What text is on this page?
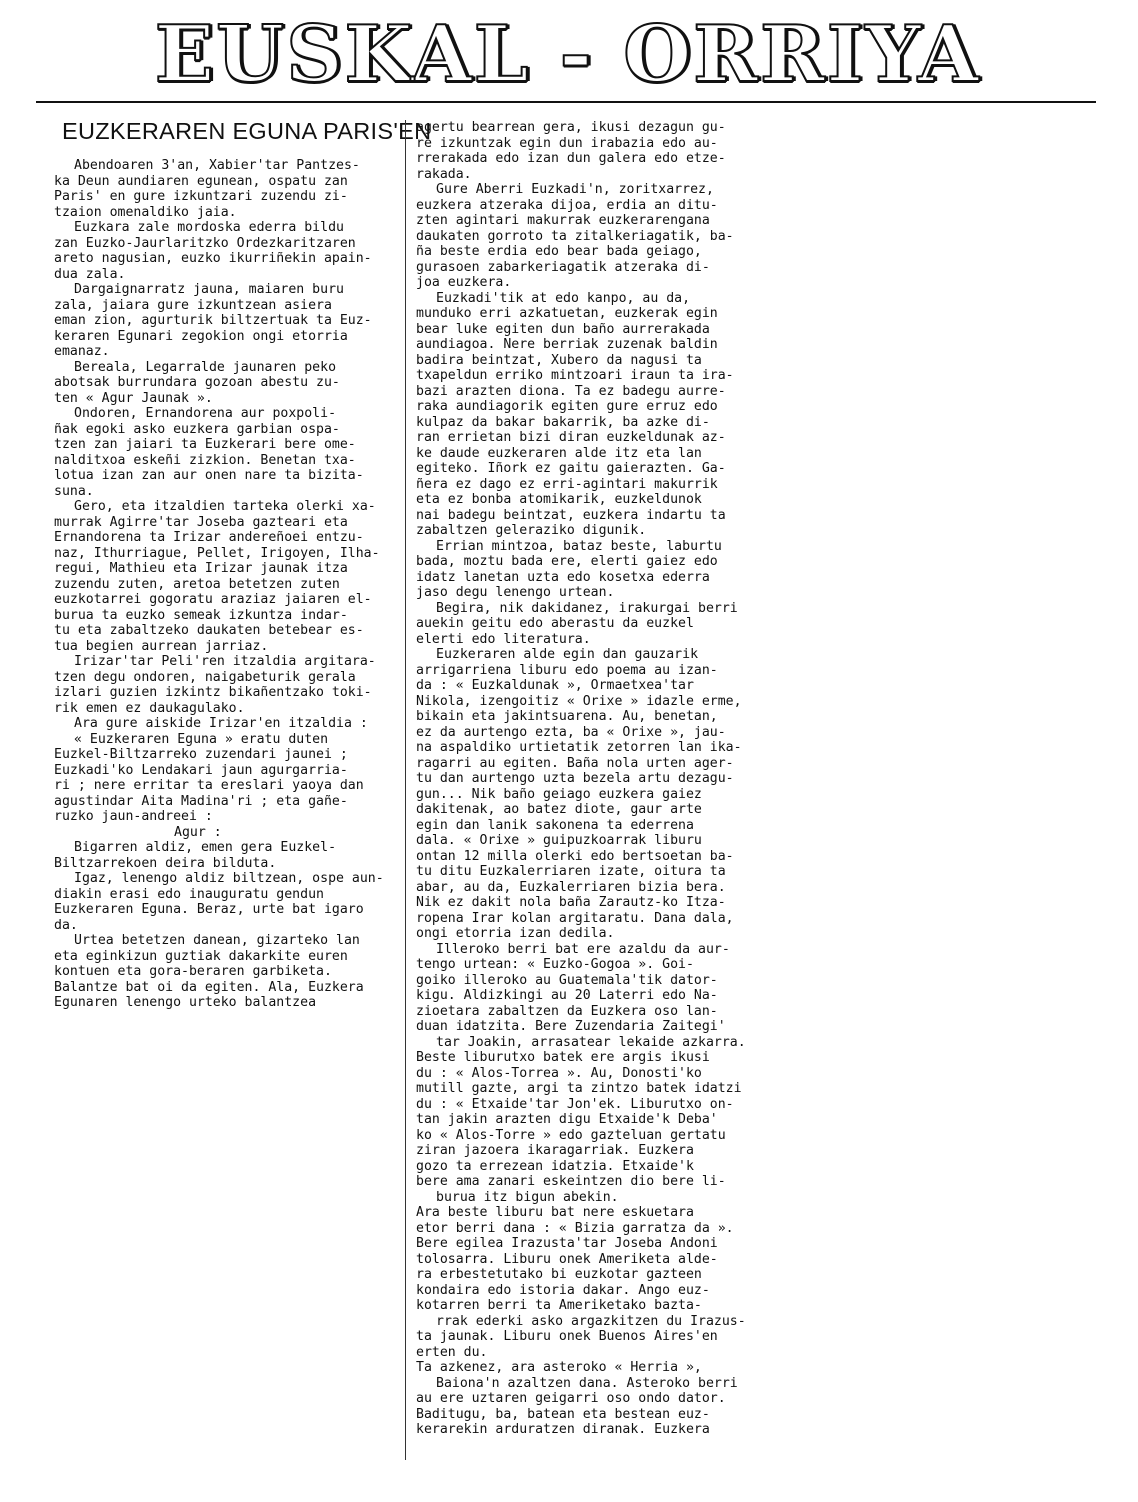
EUSKAL - ORRIYA
EUZKERAREN EGUNA PARIS'EN
Abendoaren 3'an, Xabier'tar Pantzes-
ka Deun aundiaren egunean, ospatu zan
Paris' en gure izkuntzari zuzendu zi-
tzaion omenaldiko jaia.
Euzkara zale mordoska ederra bildu
zan Euzko-Jaurlaritzko Ordezkaritzaren
areto nagusian, euzko ikurriñekin apain-
dua zala.
Dargaignarratz jauna, maiaren buru
zala, jaiara gure izkuntzean asiera
eman zion, agurturik biltzertuak ta Euz-
keraren Egunari zegokion ongi etorria
emanaz.
Bereala, Legarralde jaunaren peko
abotsak burrundara gozoan abestu zu-
ten « Agur Jaunak ».
Ondoren, Ernandorena aur poxpoli-
ñak egoki asko euzkera garbian ospa-
tzen zan jaiari ta Euzkerari bere ome-
nalditxoa eskeñi zizkion. Benetan txa-
lotua izan zan aur onen nare ta bizita-
suna.
Gero, eta itzaldien tarteka olerki xa-
murrak Agirre'tar Joseba gazteari eta
Ernandorena ta Irizar andereñoei entzu-
naz, Ithurriague, Pellet, Irigoyen, Ilha-
regui, Mathieu eta Irizar jaunak itza
zuzendu zuten, aretoa betetzen zuten
euzkotarrei gogoratu araziaz jaiaren el-
burua ta euzko semeak izkuntza indar-
tu eta zabaltzeko daukaten betebear es-
tua begien aurrean jarriaz.
Irizar'tar Peli'ren itzaldia argitara-
tzen degu ondoren, naigabeturik gerala
izlari guzien izkintz bikañentzako toki-
rik emen ez daukagulako.
Ara gure aiskide Irizar'en itzaldia :
« Euzkeraren Eguna » eratu duten
Euzkel-Biltzarreko zuzendari jaunei ;
Euzkadi'ko Lendakari jaun agurgarria-
ri ; nere erritar ta ereslari yaoya dan
agustindar Aita Madina'ri ; eta gañe-
ruzko jaun-andreei :
Agur :
Bigarren aldiz, emen gera Euzkel-
Biltzarrekoen deira bilduta.
Igaz, lenengo aldiz biltzean, ospe aun-
diakin erasi edo inauguratu gendun
Euzkeraren Eguna. Beraz, urte bat igaro
da.
Urtea betetzen danean, gizarteko lan
eta eginkizun guztiak dakarkite euren
kontuen eta gora-beraren garbiketa.
Balantze bat oi da egiten. Ala, Euzkera
Egunaren lenengo urteko balantzea
agertu bearrean gera, ikusi dezagun gu-
re izkuntzak egin dun irabazia edo au-
rrerakada edo izan dun galera edo etze-
rakada.
Gure Aberri Euzkadi'n, zoritxarrez,
euzkera atzeraka dijoa, erdia an ditu-
zten agintari makurrak euzkerarengana
daukaten gorroto ta zitalkeriagatik, ba-
ña beste erdia edo bear bada geiago,
gurasoen zabarkeriagatik atzeraka di-
joa euzkera.
Euzkadi'tik at edo kanpo, au da,
munduko erri azkatuetan, euzkerak egin
bear luke egiten dun baño aurrerakada
aundiagoa. Nere berriak zuzenak baldin
badira beintzat, Xubero da nagusi ta
txapeldun erriko mintzoari iraun ta ira-
bazi arazten diona. Ta ez badegu aurre-
raka aundiagorik egiten gure erruz edo
kulpaz da bakar bakarrik, ba azke di-
ran errietan bizi diran euzkeldunak az-
ke daude euzkeraren alde itz eta lan
egiteko. Iñork ez gaitu gaierazten. Ga-
ñera ez dago ez erri-agintari makurrik
eta ez bonba atomikarik, euzkeldunok
nai badegu beintzat, euzkera indartu ta
zabaltzen gelerazikо digunik.
Errian mintzoa, bataz beste, laburtu
bada, moztu bada ere, elerti gaiez edo
idatz lanetan uzta edo kosetxa ederra
jaso degu lenengo urtean.
Begira, nik dakidanez, irakurgai berri
auekin geitu edo aberastu da euzkel
elerti edo literatura.
Euzkeraren alde egin dan gauzarik
arrigarriena liburu edo poema au izan-
da : « Euzkaldunak », Ormaetxea'tar
Nikola, izengoitiz « Orixe » idazle erme,
bikain eta jakintsuarena. Au, benetan,
ez da aurtengo ezta, ba « Orixe », jau-
na aspaldiko urtietatik zetorren lan ika-
ragarri au egiten. Baña nola urten ager-
tu dan aurtengo uzta bezela artu dezagu-
gun... Nik baño geiago euzkera gaiez
dakitenak, ao batez diote, gaur arte
egin dan lanik sakonena ta ederrena
dala. « Orixe » guipuzkoarrak liburu
ontan 12 milla olerki edo bertsoetan ba-
tu ditu Euzkalerriaren izate, oitura ta
abar, au da, Euzkalerriaren bizia bera.
Nik ez dakit nola baña Zarautz-ko Itza-
ropena Irar kolan argitaratu. Dana dala,
ongi etorria izan dedila.
Illeroko berri bat ere azaldu da aur-
tengo urtean: « Euzko-Gogoa ». Goi-
goiko illeroko au Guatemala'tik dator-
kigu. Aldizkingi au 20 Laterri edo Na-
zioetara zabaltzen da Euzkera oso lan-
duan idatzita. Bere Zuzendaria Zaitegi'
tar Joakin, arrasatear lekaide azkarra.
Beste liburutxo batek ere argis ikusi
du : « Alos-Torrea ». Au, Donosti'ko
mutill gazte, argi ta zintzo batek idatzi
du : « Etxaide'tar Jon'ek. Liburutxo on-
tan jakin arazten digu Etxaide'k Deba'
ko « Alos-Torre » edo gazteluan gertatu
ziran jazoera ikaragarriak. Euzkera
gozo ta errezean idatzia. Etxaide'k
bere ama zanari eskeintzen dio bere li-
burua itz bigun abekin.
Ara beste liburu bat nere eskuetara
etor berri dana : « Bizia garratza da ».
Bere egilea Irazusta'tar Joseba Andoni
tolosarra. Liburu onek Ameriketa alde-
ra erbestetutako bi euzkotar gazteen
kondaira edo istoria dakar. Ango euz-
kotarren berri ta Ameriketako bazta-
rrak ederki asko argazkitzen du Irazus-
ta jaunak. Liburu onek Buenos Aires'en
erten du.
Ta azkenez, ara asteroko « Herria »,
Baiona'n azaltzen dana. Asteroko berri
au ere uztaren geigarri oso ondo dator.
Baditugu, ba, batean eta bestean euz-
kerarekin arduratzen diranak. Euzkera
